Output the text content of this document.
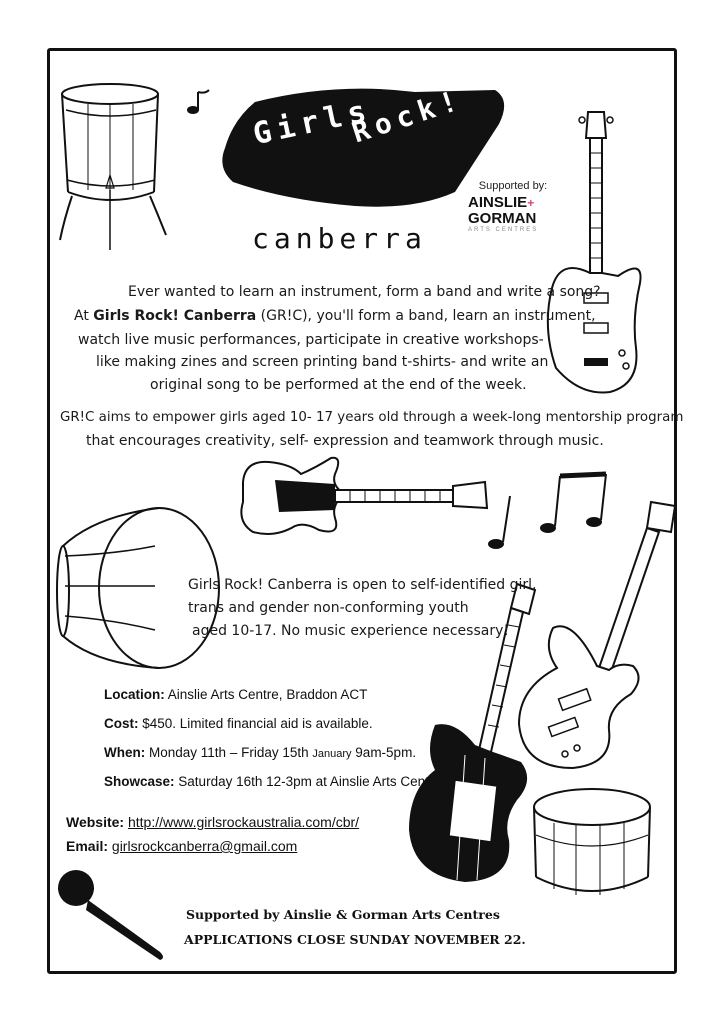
Girls
Rock!
canberra
Supported by:
AINSLIE+
GORMAN
ARTS CENTRES
Ever wanted to learn an instrument, form a band and write a song?
At Girls Rock! Canberra (GR!C), you'll form a band, learn an instrument,
watch live music performances, participate in creative workshops-
like making zines and screen printing band t-shirts- and write an
original song to be performed at the end of the week.
GR!C aims to empower girls aged 10- 17 years old through a week-long mentorship program
that encourages creativity, self- expression and teamwork through music.
Girls Rock! Canberra is open to self-identified girl,
trans and gender non-conforming youth
aged 10-17. No music experience necessary!
Location: Ainslie Arts Centre, Braddon ACT
Cost: $450. Limited financial aid is available.
When: Monday 11th – Friday 15th January 9am-5pm.
Showcase: Saturday 16th 12-3pm at Ainslie Arts Centre
Website: http://www.girlsrockaustralia.com/cbr/
Email: girlsrockcanberra@gmail.com
Supported by Ainslie & Gorman Arts Centres
APPLICATIONS CLOSE SUNDAY NOVEMBER 22.
